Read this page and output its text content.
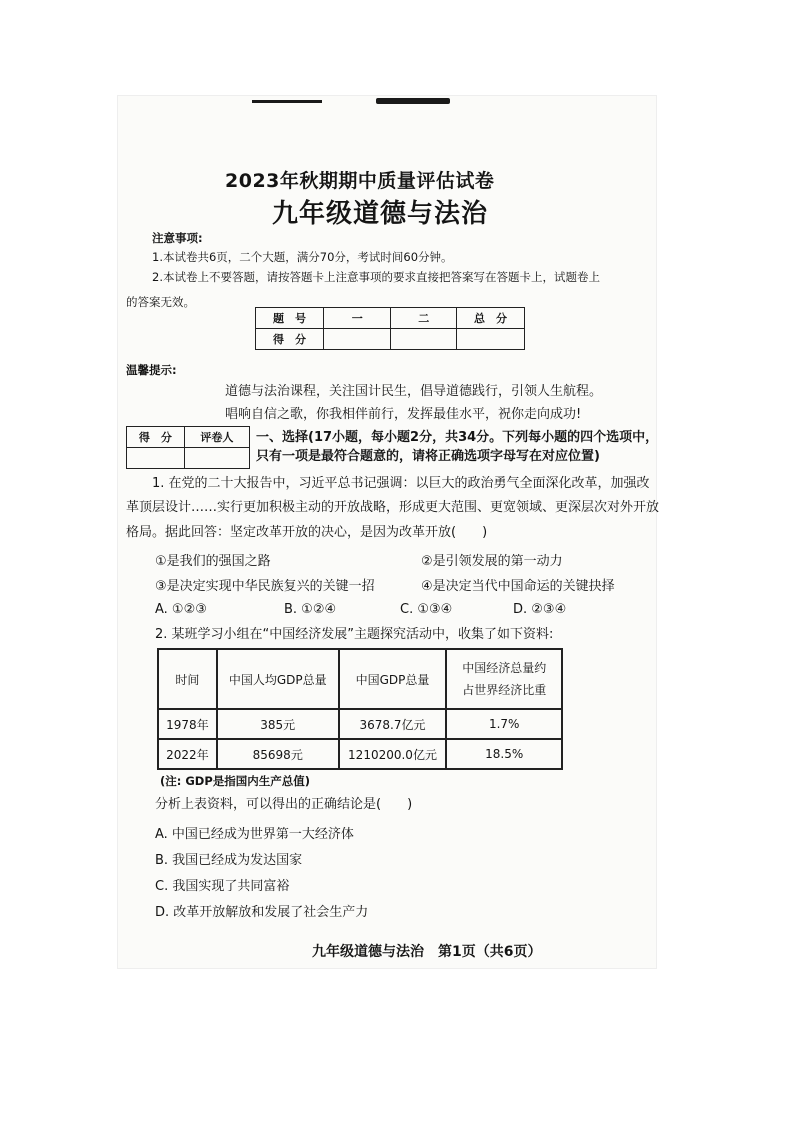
2023年秋期期中质量评估试卷
九年级道德与法治
注意事项:
1.本试卷共6页，二个大题，满分70分，考试时间60分钟。
2.本试卷上不要答题，请按答题卡上注意事项的要求直接把答案写在答题卡上，试题卷上
的答案无效。
题　号	一	二	总　分
得　分			
温馨提示:
道德与法治课程，关注国计民生，倡导道德践行，引领人生航程。
唱响自信之歌，你我相伴前行，发挥最佳水平，祝你走向成功!
得　分	评卷人
	一、选择(17小题，每小题2分，共34分。下列每小题的四个选项中，
只有一项是最符合题意的，请将正确选项字母写在对应位置)
1. 在党的二十大报告中，习近平总书记强调：以巨大的政治勇气全面深化改革，加强改
革顶层设计……实行更加积极主动的开放战略，形成更大范围、更宽领域、更深层次对外开放
格局。据此回答：坚定改革开放的决心，是因为改革开放(　　)
①是我们的强国之路	②是引领发展的第一动力
③是决定实现中华民族复兴的关键一招	④是决定当代中国命运的关键抉择
A. ①②③	B. ①②④	C. ①③④	D. ②③④
2. 某班学习小组在“中国经济发展”主题探究活动中，收集了如下资料:
时间	中国人均GDP总量	中国GDP总量	中国经济总量约
占世界经济比重
1978年	385元	3678.7亿元	1.7%
2022年	85698元	1210200.0亿元	18.5%
(注: GDP是指国内生产总值)
分析上表资料，可以得出的正确结论是(　　)
A. 中国已经成为世界第一大经济体
B. 我国已经成为发达国家
C. 我国实现了共同富裕
D. 改革开放解放和发展了社会生产力
九年级道德与法治　第1页（共6页）
